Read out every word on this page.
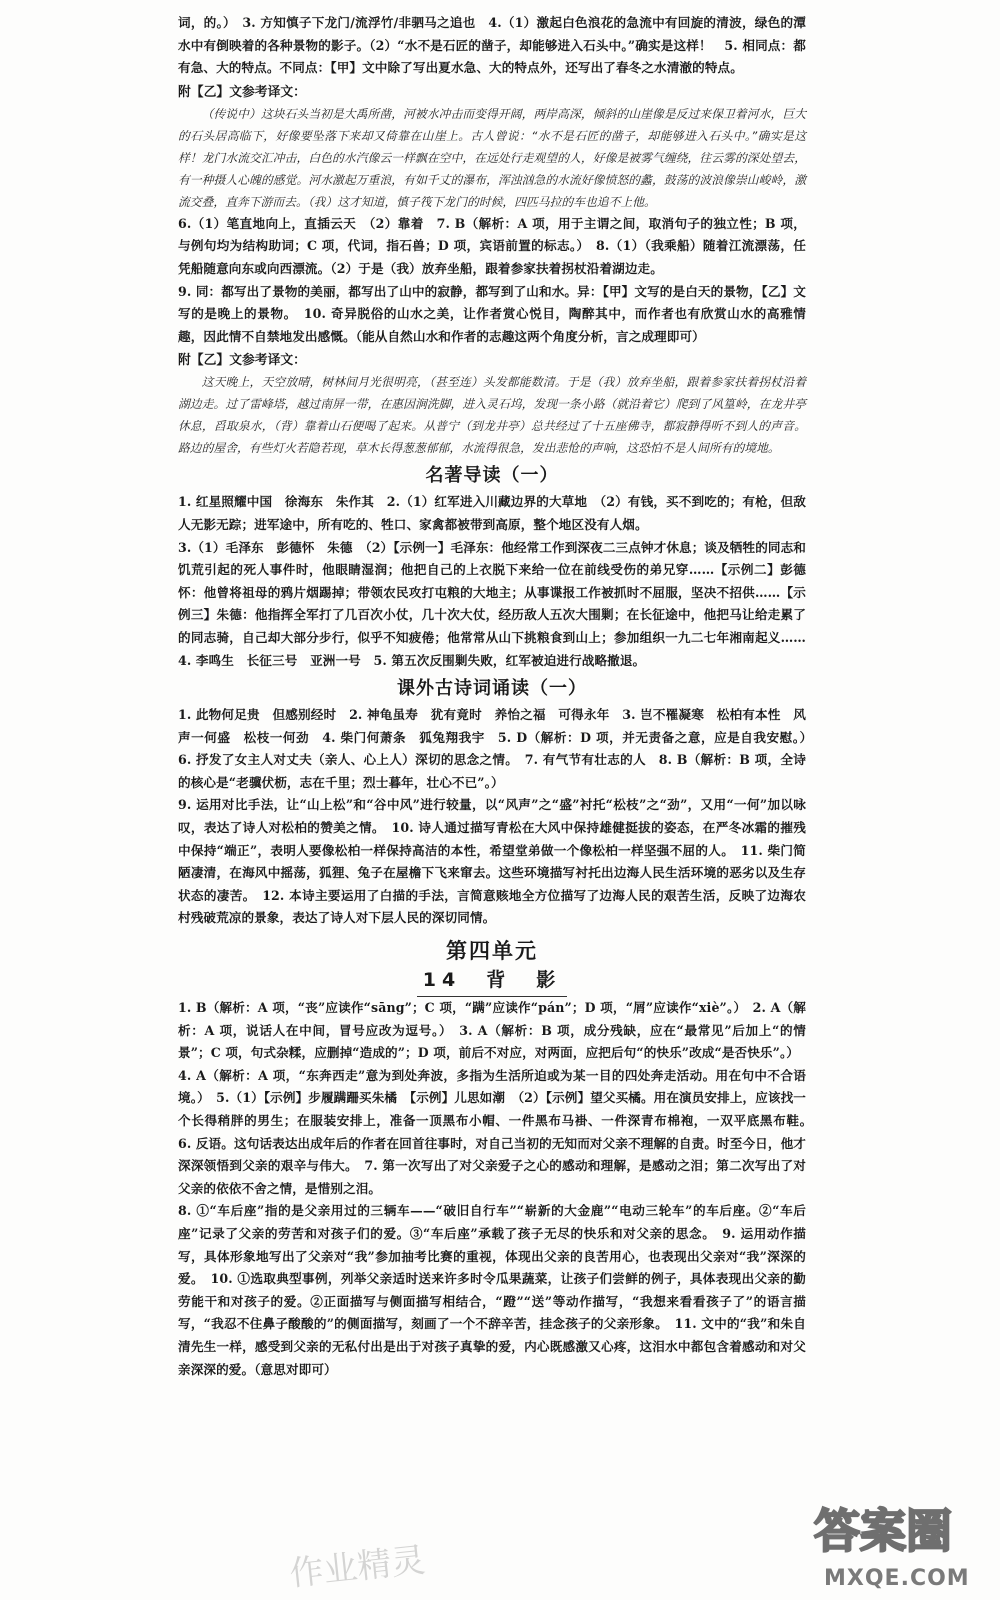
词，的。）　3. 方知慎子下龙门/流浮竹/非驷马之追也　4.（1）激起白色浪花的急流中有回旋的清波，绿色的潭水中有倒映着的各种景物的影子。（2）“水不是石匠的凿子，却能够进入石头中。”确实是这样！　5. 相同点：都有急、大的特点。不同点：【甲】文中除了写出夏水急、大的特点外，还写出了春冬之水清澈的特点。

附【乙】文参考译文：

（传说中）这块石头当初是大禹所凿，河被水冲击而变得开阔，两岸高深，倾斜的山崖像是反过来保卫着河水，巨大的石头居高临下，好像要坠落下来却又倚靠在山崖上。古人曾说：“水不是石匠的凿子，却能够进入石头中。”确实是这样！龙门水流交汇冲击，白色的水汽像云一样飘在空中，在远处行走观望的人，好像是被雾气缠绕，往云雾的深处望去，有一种摄人心魄的感觉。河水激起万重浪，有如千丈的瀑布，浑浊汹急的水流好像愤怒的蠡，鼓荡的波浪像崇山峻岭，激流交叠，直奔下游而去。（我）这才知道，慎子筏下龙门的时候，四匹马拉的车也追不上他。

6.（1）笔直地向上，直插云天　（2）靠着　7. B（解析：A 项，用于主谓之间，取消句子的独立性；B 项，与例句均为结构助词；C 项，代词，指石兽；D 项，宾语前置的标志。）　8.（1）（我乘船）随着江流漂荡，任凭船随意向东或向西漂流。（2）于是（我）放弃坐船，跟着参家扶着拐杖沿着湖边走。

9. 同：都写出了景物的美丽，都写出了山中的寂静，都写到了山和水。异：【甲】文写的是白天的景物，【乙】文写的是晚上的景物。　10. 奇异脱俗的山水之美，让作者赏心悦目，陶醉其中，而作者也有欣赏山水的高雅情趣，因此情不自禁地发出感慨。（能从自然山水和作者的志趣这两个角度分析，言之成理即可）

附【乙】文参考译文：

这天晚上，天空放晴，树林间月光很明亮，（甚至连）头发都能数清。于是（我）放弃坐船，跟着参家扶着拐杖沿着湖边走。过了雷峰塔，越过南屏一带，在惠因涧洗脚，进入灵石坞，发现一条小路（就沿着它）爬到了风篁岭，在龙井亭休息，舀取泉水，（背）靠着山石便喝了起来。从普宁（到龙井亭）总共经过了十五座佛寺，都寂静得听不到人的声音。路边的屋舍，有些灯火若隐若现，草木长得葱葱郁郁，水流得很急，发出悲怆的声响，这恐怕不是人间所有的境地。

名著导读（一）

1. 红星照耀中国　徐海东　朱作其　2.（1）红军进入川藏边界的大草地　（2）有钱，买不到吃的；有枪，但敌人无影无踪；进军途中，所有吃的、牲口、家禽都被带到高原，整个地区没有人烟。

3.（1）毛泽东　彭德怀　朱德　（2）【示例一】毛泽东：他经常工作到深夜二三点钟才休息；谈及牺牲的同志和饥荒引起的死人事件时，他眼睛湿润；他把自己的上衣脱下来给一位在前线受伤的弟兄穿……【示例二】彭德怀：他曾将祖母的鸦片烟踢掉；带领农民攻打屯粮的大地主；从事谍报工作被抓时不屈服，坚决不招供……【示例三】朱德：他指挥全军打了几百次小仗，几十次大仗，经历敌人五次大围剿；在长征途中，他把马让给走累了的同志骑，自己却大部分步行，似乎不知疲倦；他常常从山下挑粮食到山上；参加组织一九二七年湘南起义……　4. 李鸣生　长征三号　亚洲一号　5. 第五次反围剿失败，红军被迫进行战略撤退。

课外古诗词诵读（一）

1. 此物何足贵　但感别经时　2. 神龟虽寿　犹有竟时　养怡之福　可得永年　3. 岂不罹凝寒　松柏有本性　风声一何盛　松枝一何劲　4. 柴门何萧条　狐兔翔我宇　5. D（解析：D 项，并无责备之意，应是自我安慰。）　6. 抒发了女主人对丈夫（亲人、心上人）深切的思念之情。　7. 有气节有壮志的人　8. B（解析：B 项，全诗的核心是“老骥伏枥，志在千里；烈士暮年，壮心不已”。）

9. 运用对比手法，让“山上松”和“谷中风”进行较量，以“风声”之“盛”衬托“松枝”之“劲”，又用“一何”加以咏叹，表达了诗人对松柏的赞美之情。　10. 诗人通过描写青松在大风中保持雄健挺拔的姿态，在严冬冰霜的摧残中保持“端正”，表明人要像松柏一样保持高洁的本性，希望堂弟做一个像松柏一样坚强不屈的人。　11. 柴门简陋凄清，在海风中摇荡，狐狸、兔子在屋檐下飞来窜去。这些环境描写衬托出边海人民生活环境的恶劣以及生存状态的凄苦。　12. 本诗主要运用了白描的手法，言简意赅地全方位描写了边海人民的艰苦生活，反映了边海农村残破荒凉的景象，表达了诗人对下层人民的深切同情。

第四单元

14　背　影

1. B（解析：A 项，“丧”应读作“sāng”；C 项，“蹒”应读作“pán”；D 项，“屑”应读作“xiè”。）　2. A（解析：A 项，说话人在中间，冒号应改为逗号。）　3. A（解析：B 项，成分残缺，应在“最常见”后加上“的情景”；C 项，句式杂糅，应删掉“造成的”；D 项，前后不对应，对两面，应把后句“的快乐”改成“是否快乐”。）

4. A（解析：A 项，“东奔西走”意为到处奔波，多指为生活所迫或为某一目的四处奔走活动。用在句中不合语境。）　5.（1）【示例】步履蹒跚买朱橘　【示例】儿思如潮　（2）【示例】望父买橘。用在演员安排上，应该找一个长得稍胖的男生；在服装安排上，准备一顶黑布小帽、一件黑布马褂、一件深青布棉袍，一双平底黑布鞋。　6. 反语。这句话表达出成年后的作者在回首往事时，对自己当初的无知而对父亲不理解的自责。时至今日，他才深深领悟到父亲的艰辛与伟大。　7. 第一次写出了对父亲爱子之心的感动和理解，是感动之泪；第二次写出了对父亲的依依不舍之情，是惜别之泪。

8. ①“车后座”指的是父亲用过的三辆车——“破旧自行车”“崭新的大金鹿”“电动三轮车”的车后座。②“车后座”记录了父亲的劳苦和对孩子们的爱。③“车后座”承载了孩子无尽的快乐和对父亲的思念。　9. 运用动作描写，具体形象地写出了父亲对“我”参加抽考比赛的重视，体现出父亲的良苦用心，也表现出父亲对“我”深深的爱。　10. ①选取典型事例，列举父亲适时送来许多时令瓜果蔬菜，让孩子们尝鲜的例子，具体表现出父亲的勤劳能干和对孩子的爱。②正面描写与侧面描写相结合，“蹬”“送”等动作描写，“我想来看看孩子了”的语言描写，“我忍不住鼻子酸酸的”的侧面描写，刻画了一个不辞辛苦，挂念孩子的父亲形象。　11. 文中的“我”和朱自清先生一样，感受到父亲的无私付出是出于对孩子真挚的爱，内心既感激又心疼，这泪水中都包含着感动和对父亲深深的爱。（意思对即可）

作业精灵
答案圈
MXQE.COM
